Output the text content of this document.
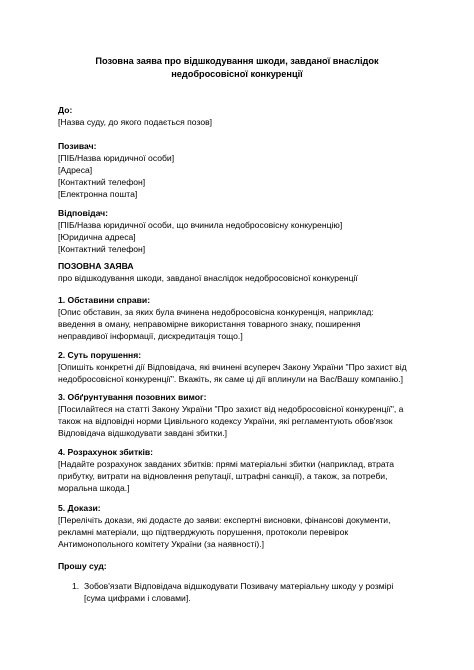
Позовна заява про відшкодування шкоди, завданої внаслідок
недобросовісної конкуренції
До:
[Назва суду, до якого подається позов]
Позивач:
[ПІБ/Назва юридичної особи]
[Адреса]
[Контактний телефон]
[Електронна пошта]
Відповідач:
[ПІБ/Назва юридичної особи, що вчинила недобросовісну конкуренцію]
[Юридична адреса]
[Контактний телефон]
ПОЗОВНА ЗАЯВА
про відшкодування шкоди, завданої внаслідок недобросовісної конкуренції
1. Обставини справи:
[Опис обставин, за яких була вчинена недобросовісна конкуренція, наприклад:
введення в оману, неправомірне використання товарного знаку, поширення
неправдивої інформації, дискредитація тощо.]
2. Суть порушення:
[Опишіть конкретні дії Відповідача, які вчинені всупереч Закону України "Про захист від
недобросовісної конкуренції". Вкажіть, як саме ці дії вплинули на Вас/Вашу компанію.]
3. Обґрунтування позовних вимог:
[Посилайтеся на статті Закону України "Про захист від недобросовісної конкуренції", а
також на відповідні норми Цивільного кодексу України, які регламентують обов'язок
Відповідача відшкодувати завдані збитки.]
4. Розрахунок збитків:
[Надайте розрахунок завданих збитків: прямі матеріальні збитки (наприклад, втрата
прибутку, витрати на відновлення репутації, штрафні санкції), а також, за потреби,
моральна шкода.]
5. Докази:
[Перелічіть докази, які додасте до заяви: експертні висновки, фінансові документи,
рекламні матеріали, що підтверджують порушення, протоколи перевірок
Антимонопольного комітету України (за наявності).]
Прошу суд:
1. Зобов'язати Відповідача відшкодувати Позивачу матеріальну шкоду у розмірі
[сума цифрами і словами].
